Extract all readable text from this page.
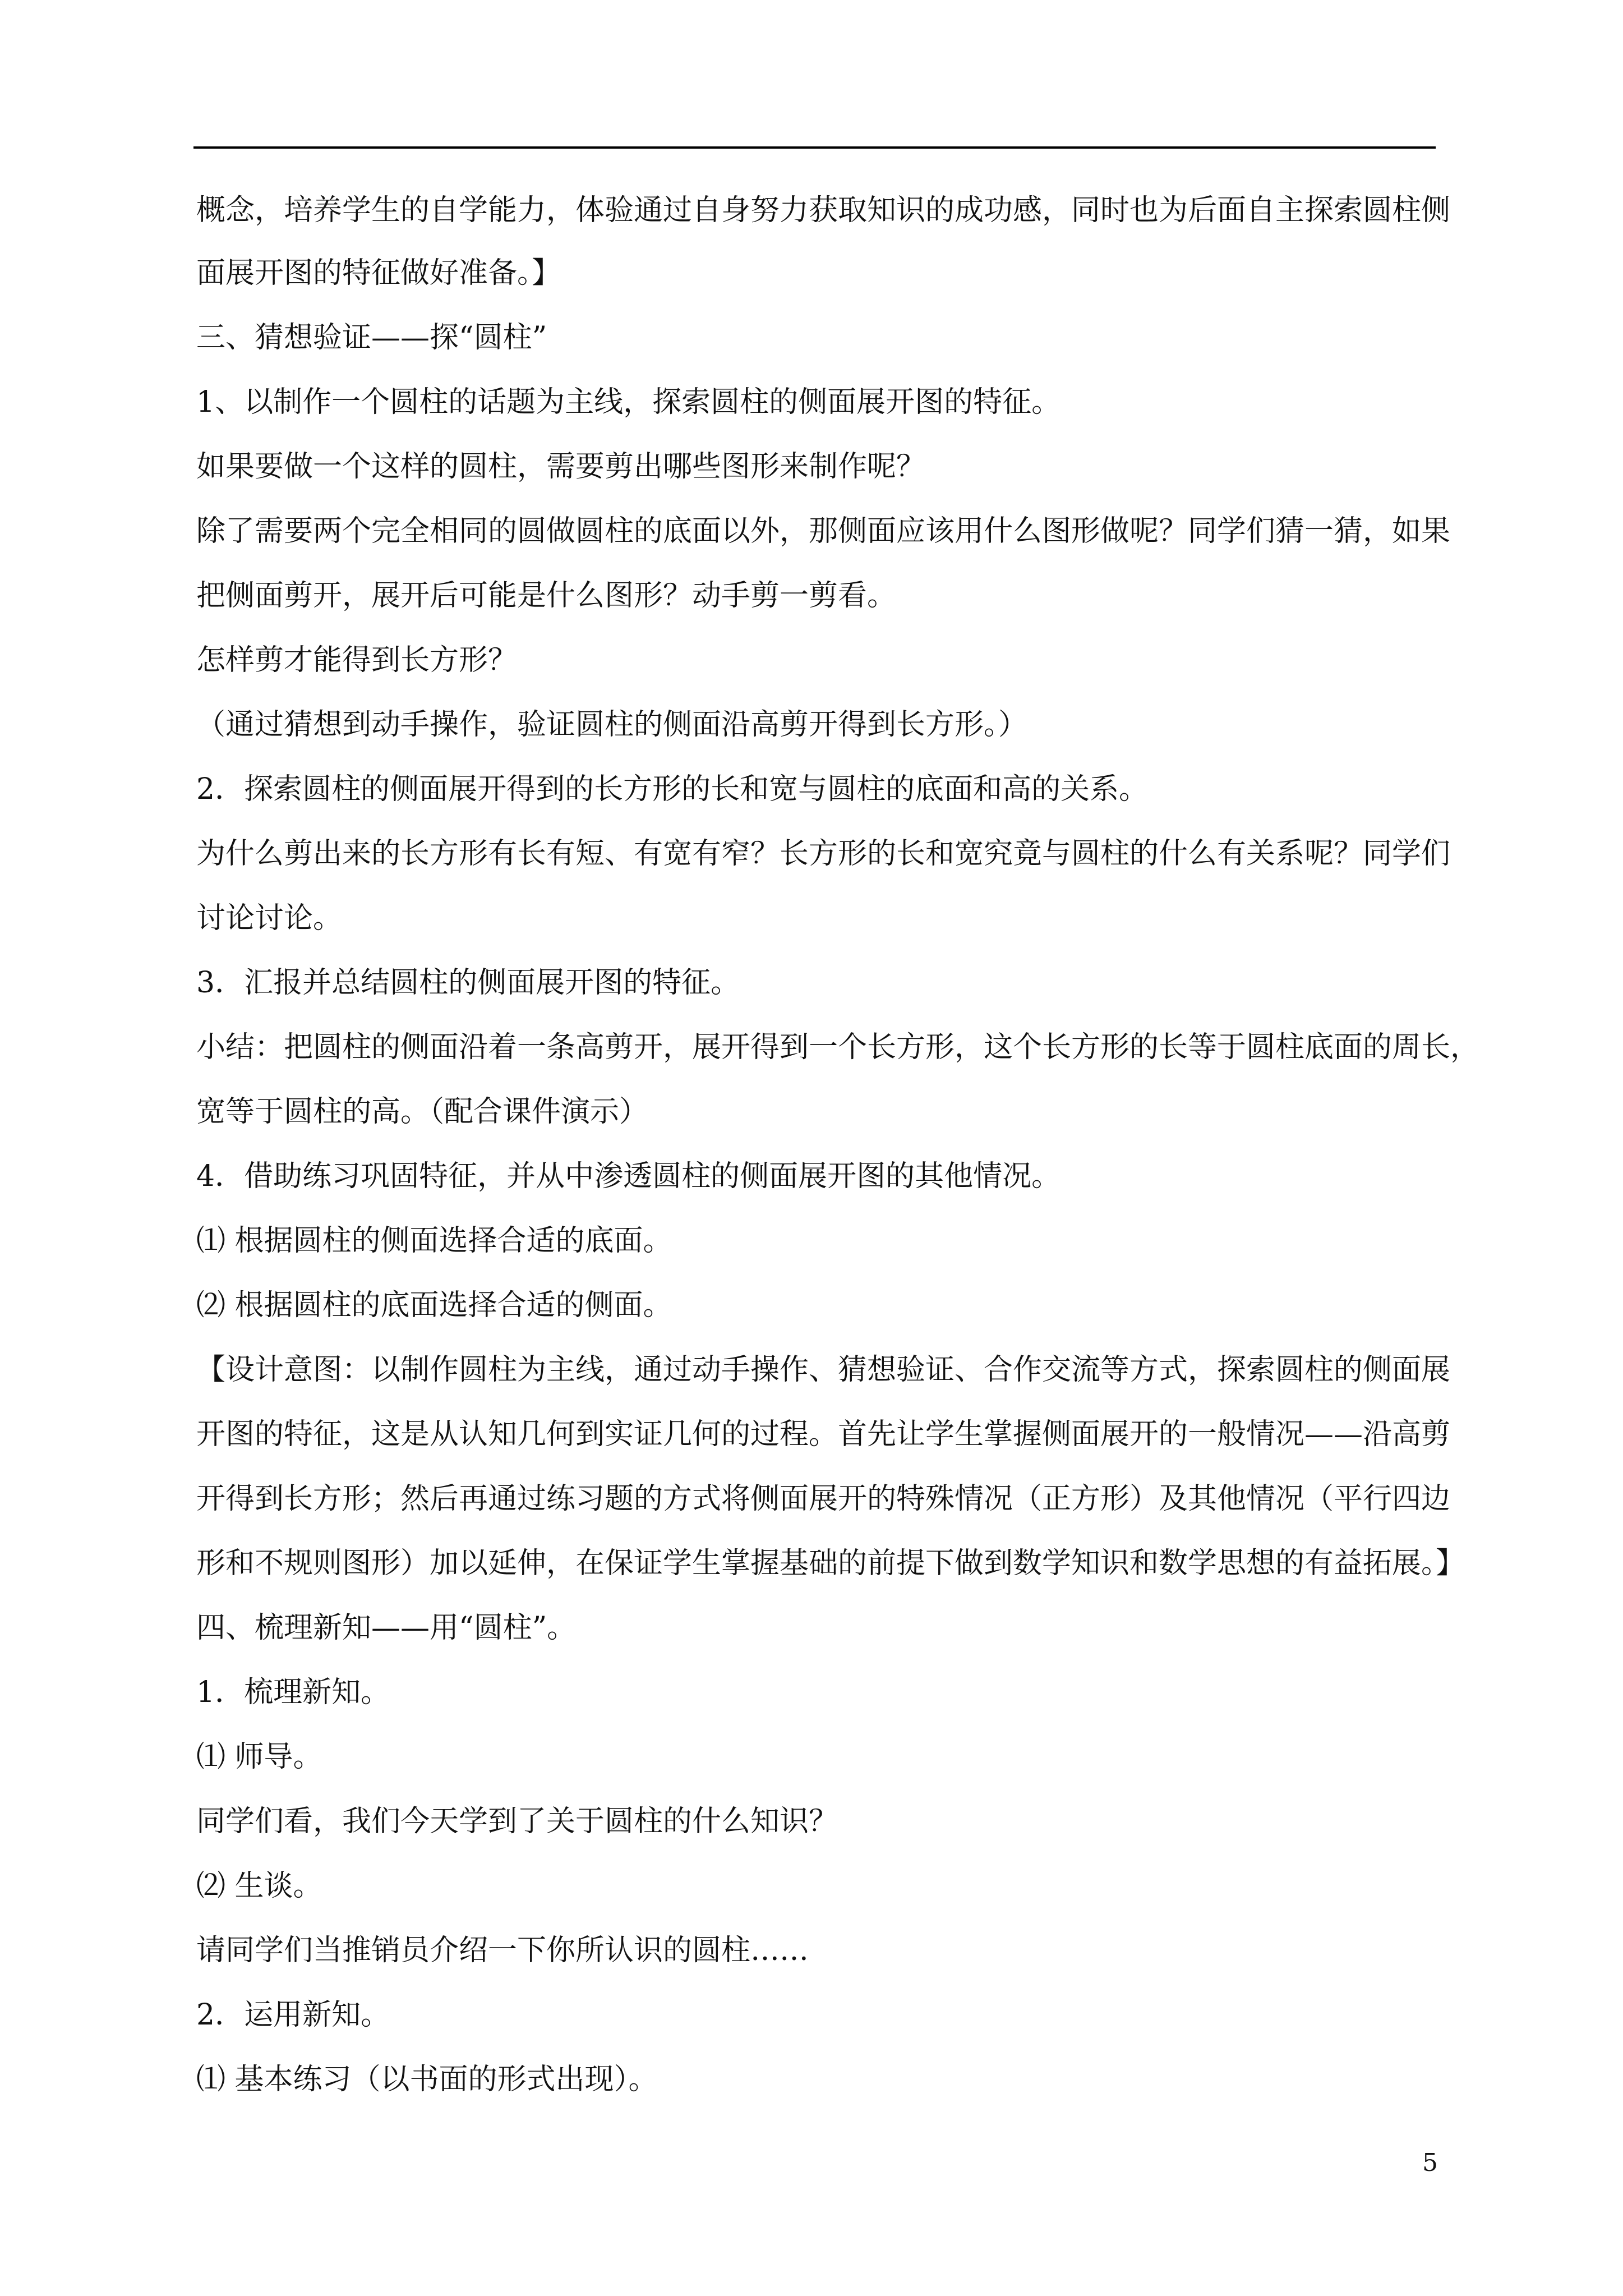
概念，培养学生的自学能力，体验通过自身努力获取知识的成功感，同时也为后面自主探索圆柱侧
面展开图的特征做好准备。】
三、猜想验证——探“圆柱”
1、以制作一个圆柱的话题为主线，探索圆柱的侧面展开图的特征。
如果要做一个这样的圆柱，需要剪出哪些图形来制作呢？
除了需要两个完全相同的圆做圆柱的底面以外，那侧面应该用什么图形做呢？同学们猜一猜，如果
把侧面剪开，展开后可能是什么图形？动手剪一剪看。
怎样剪才能得到长方形？
（通过猜想到动手操作，验证圆柱的侧面沿高剪开得到长方形。）
2．探索圆柱的侧面展开得到的长方形的长和宽与圆柱的底面和高的关系。
为什么剪出来的长方形有长有短、有宽有窄？长方形的长和宽究竟与圆柱的什么有关系呢？同学们
讨论讨论。
3．汇报并总结圆柱的侧面展开图的特征。
小结：把圆柱的侧面沿着一条高剪开，展开得到一个长方形，这个长方形的长等于圆柱底面的周长，
宽等于圆柱的高。（配合课件演示）
4．借助练习巩固特征，并从中渗透圆柱的侧面展开图的其他情况。
⑴ 根据圆柱的侧面选择合适的底面。
⑵ 根据圆柱的底面选择合适的侧面。
【设计意图：以制作圆柱为主线，通过动手操作、猜想验证、合作交流等方式，探索圆柱的侧面展
开图的特征，这是从认知几何到实证几何的过程。首先让学生掌握侧面展开的一般情况——沿高剪
开得到长方形；然后再通过练习题的方式将侧面展开的特殊情况（正方形）及其他情况（平行四边
形和不规则图形）加以延伸，在保证学生掌握基础的前提下做到数学知识和数学思想的有益拓展。】
四、梳理新知——用“圆柱”。
1．梳理新知。
⑴ 师导。
同学们看，我们今天学到了关于圆柱的什么知识？
⑵ 生谈。
请同学们当推销员介绍一下你所认识的圆柱……
2．运用新知。
⑴ 基本练习（以书面的形式出现）。
5
